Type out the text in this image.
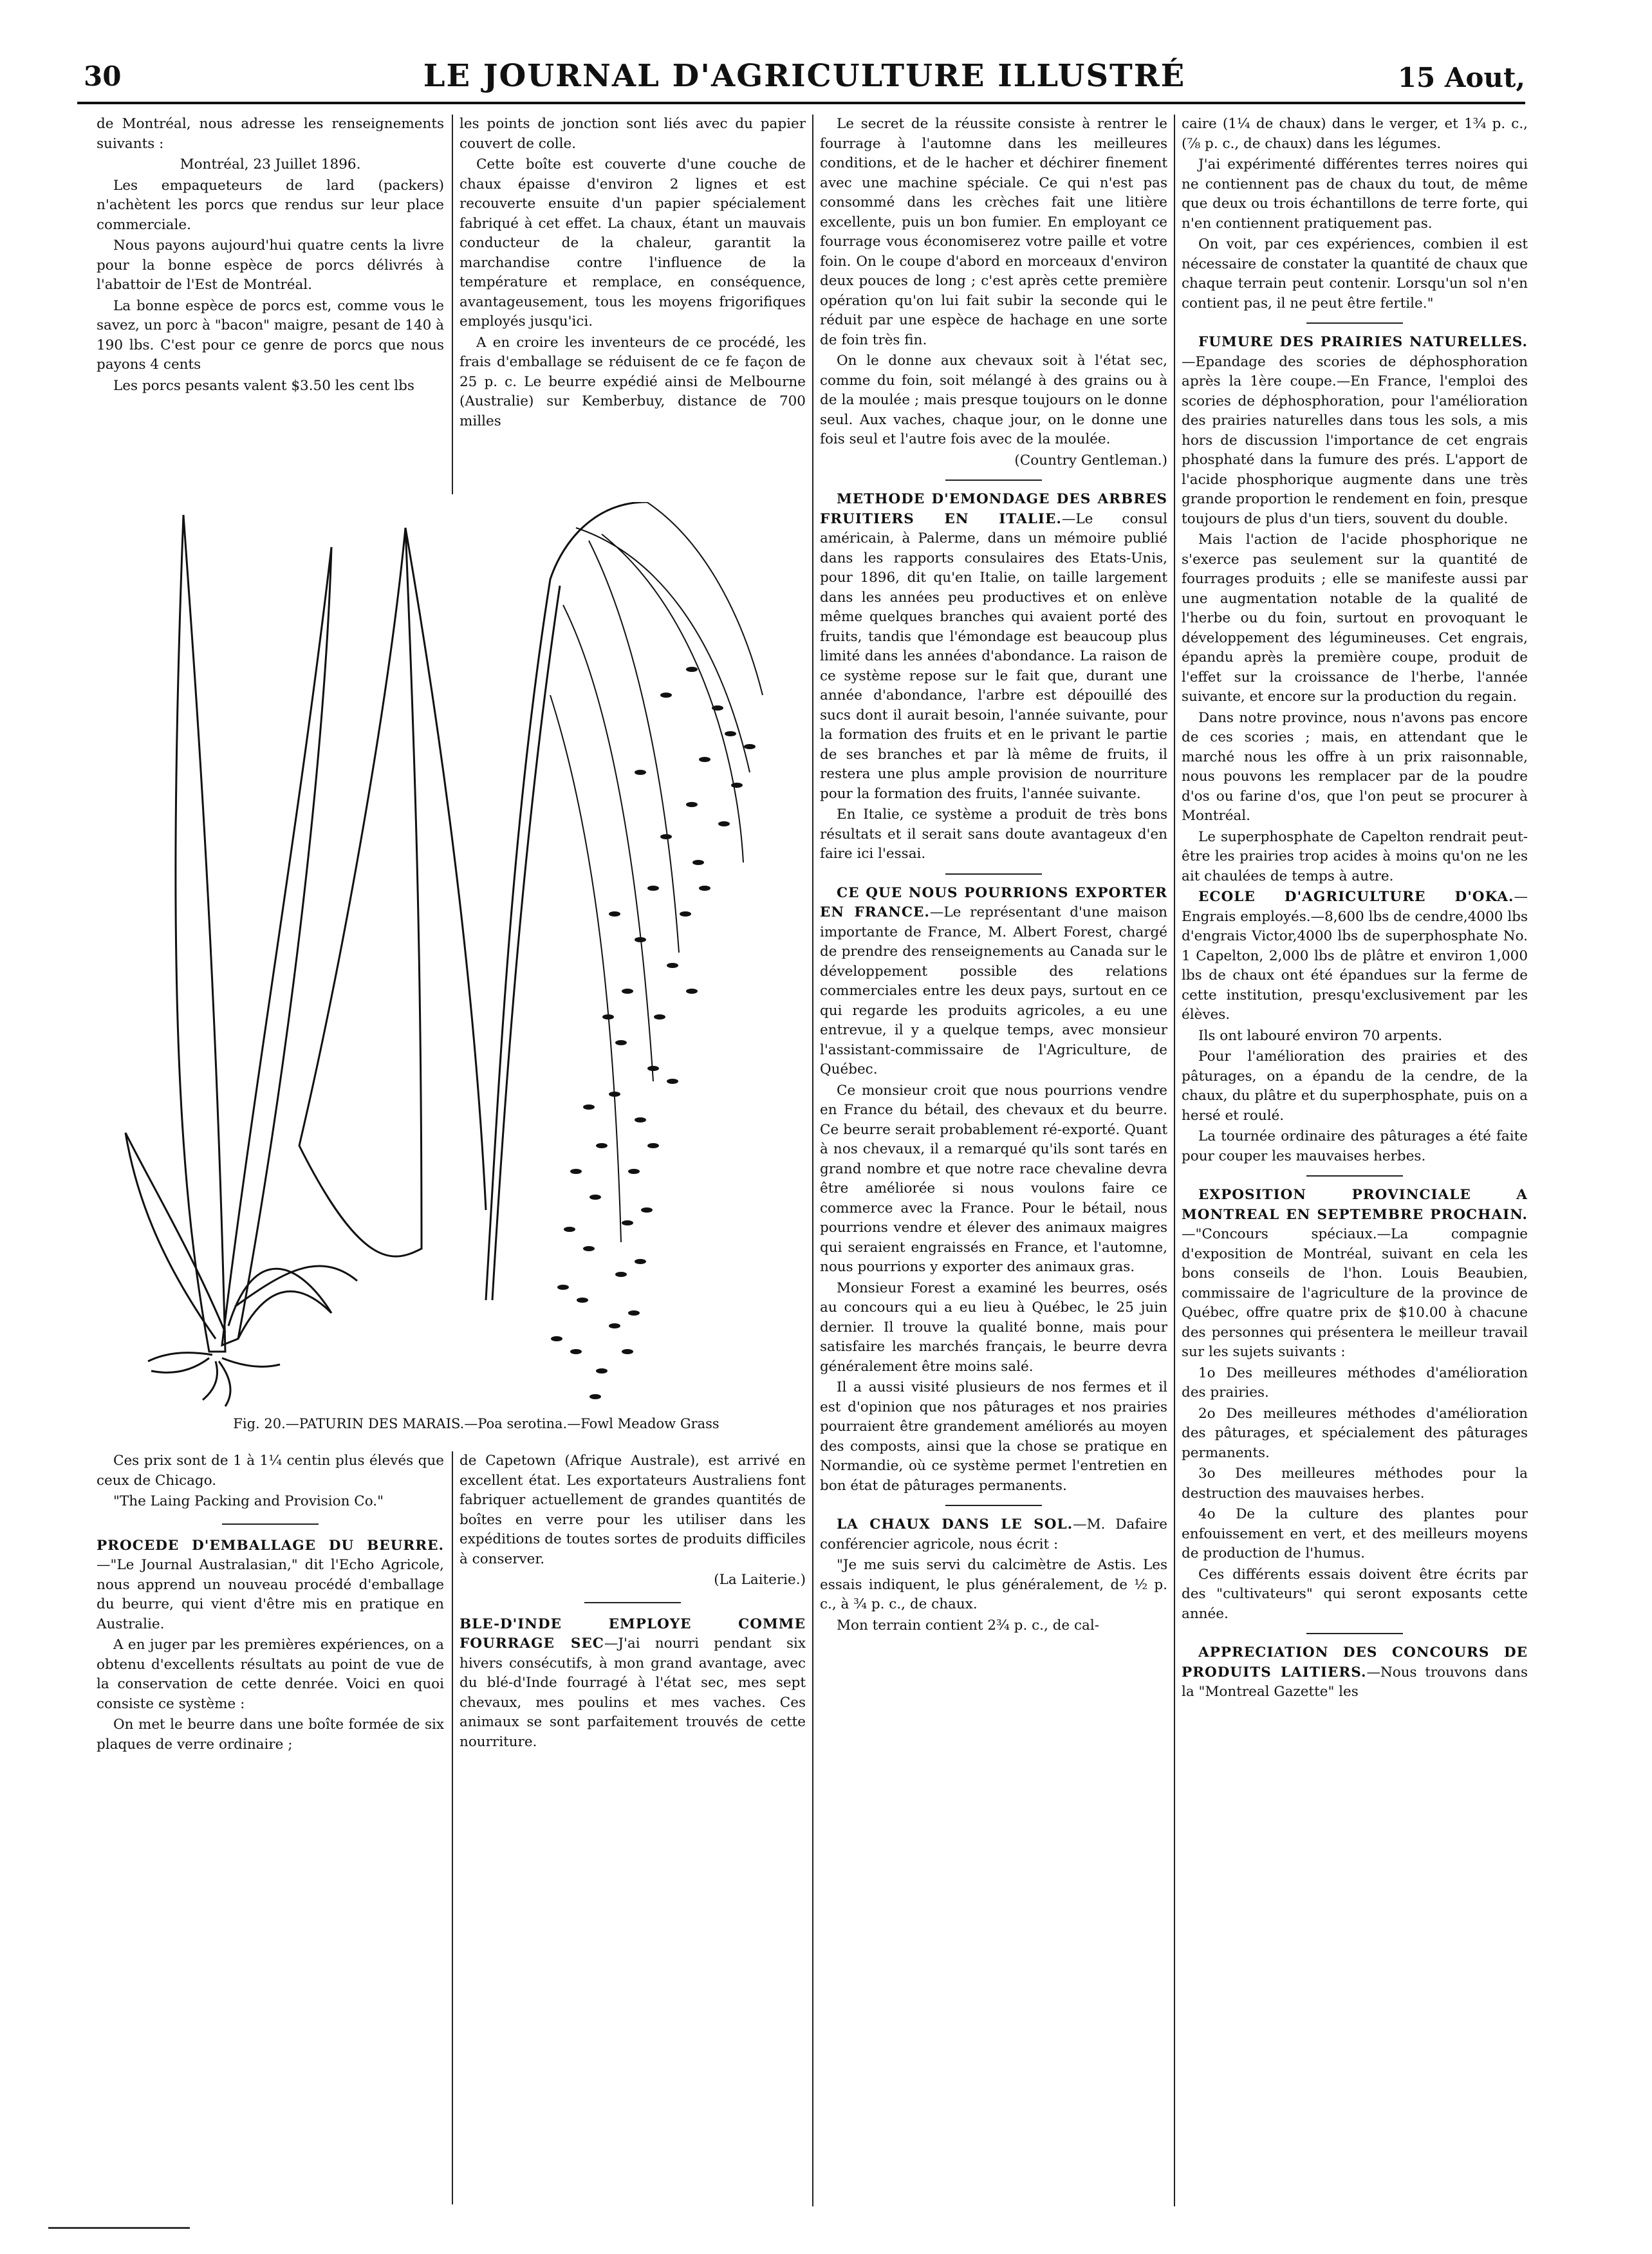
30	LE JOURNAL D'AGRICULTURE ILLUSTRÉ	15 Aout,

de Montréal, nous adresse les renseignements suivants :

Montréal, 23 Juillet 1896.

Les empaqueteurs de lard (packers) n'achètent les porcs que rendus sur leur place commerciale.

Nous payons aujourd'hui quatre cents la livre pour la bonne espèce de porcs délivrés à l'abattoir de l'Est de Montréal.

La bonne espèce de porcs est, comme vous le savez, un porc à "bacon" maigre, pesant de 140 à 190 lbs. C'est pour ce genre de porcs que nous payons 4 cents

Les porcs pesants valent $3.50 les cent lbs

les points de jonction sont liés avec du papier couvert de colle.

Cette boîte est couverte d'une couche de chaux épaisse d'environ 2 lignes et est recouverte ensuite d'un papier spécialement fabriqué à cet effet. La chaux, étant un mauvais conducteur de la chaleur, garantit la marchandise contre l'influence de la température et remplace, en conséquence, avantageusement, tous les moyens frigorifiques employés jusqu'ici.

A en croire les inventeurs de ce procédé, les frais d'emballage se réduisent de ce fe façon de 25 p. c. Le beurre expédié ainsi de Melbourne (Australie) sur Kemberbuy, distance de 700 milles

Fig. 20.—PATURIN DES MARAIS.—Poa serotina.—Fowl Meadow Grass

Ces prix sont de 1 à 1¼ centin plus élevés que ceux de Chicago.

"The Laing Packing and Provision Co."

PROCEDE D'EMBALLAGE DU BEURRE.—"Le Journal Australasian," dit l'Echo Agricole, nous apprend un nouveau procédé d'emballage du beurre, qui vient d'être mis en pratique en Australie.

A en juger par les premières expériences, on a obtenu d'excellents résultats au point de vue de la conservation de cette denrée. Voici en quoi consiste ce système :

On met le beurre dans une boîte formée de six plaques de verre ordinaire ;

de Capetown (Afrique Australe), est arrivé en excellent état. Les exportateurs Australiens font fabriquer actuellement de grandes quantités de boîtes en verre pour les utiliser dans les expéditions de toutes sortes de produits difficiles à conserver.

(La Laiterie.)

BLE-D'INDE EMPLOYE COMME FOURRAGE SEC—J'ai nourri pendant six hivers consécutifs, à mon grand avantage, avec du blé-d'Inde fourragé à l'état sec, mes sept chevaux, mes poulins et mes vaches. Ces animaux se sont parfaitement trouvés de cette nourriture.

Le secret de la réussite consiste à rentrer le fourrage à l'automne dans les meilleures conditions, et de le hacher et déchirer finement avec une machine spéciale. Ce qui n'est pas consommé dans les crèches fait une litière excellente, puis un bon fumier. En employant ce fourrage vous économiserez votre paille et votre foin. On le coupe d'abord en morceaux d'environ deux pouces de long ; c'est après cette première opération qu'on lui fait subir la seconde qui le réduit par une espèce de hachage en une sorte de foin très fin.

On le donne aux chevaux soit à l'état sec, comme du foin, soit mélangé à des grains ou à de la moulée ; mais presque toujours on le donne seul. Aux vaches, chaque jour, on le donne une fois seul et l'autre fois avec de la moulée.

(Country Gentleman.)

METHODE D'EMONDAGE DES ARBRES FRUITIERS EN ITALIE.—Le consul américain, à Palerme, dans un mémoire publié dans les rapports consulaires des Etats-Unis, pour 1896, dit qu'en Italie, on taille largement dans les années peu productives et on enlève même quelques branches qui avaient porté des fruits, tandis que l'émondage est beaucoup plus limité dans les années d'abondance. La raison de ce système repose sur le fait que, durant une année d'abondance, l'arbre est dépouillé des sucs dont il aurait besoin, l'année suivante, pour la formation des fruits et en le privant le partie de ses branches et par là même de fruits, il restera une plus ample provision de nourriture pour la formation des fruits, l'année suivante.

En Italie, ce système a produit de très bons résultats et il serait sans doute avantageux d'en faire ici l'essai.

CE QUE NOUS POURRIONS EXPORTER EN FRANCE.—Le représentant d'une maison importante de France, M. Albert Forest, chargé de prendre des renseignements au Canada sur le développement possible des relations commerciales entre les deux pays, surtout en ce qui regarde les produits agricoles, a eu une entrevue, il y a quelque temps, avec monsieur l'assistant-commissaire de l'Agriculture, de Québec.

Ce monsieur croit que nous pourrions vendre en France du bétail, des chevaux et du beurre. Ce beurre serait probablement ré-exporté. Quant à nos chevaux, il a remarqué qu'ils sont tarés en grand nombre et que notre race chevaline devra être améliorée si nous voulons faire ce commerce avec la France. Pour le bétail, nous pourrions vendre et élever des animaux maigres qui seraient engraissés en France, et l'automne, nous pourrions y exporter des animaux gras.

Monsieur Forest a examiné les beurres, osés au concours qui a eu lieu à Québec, le 25 juin dernier. Il trouve la qualité bonne, mais pour satisfaire les marchés français, le beurre devra généralement être moins salé.

Il a aussi visité plusieurs de nos fermes et il est d'opinion que nos pâturages et nos prairies pourraient être grandement améliorés au moyen des composts, ainsi que la chose se pratique en Normandie, où ce système permet l'entretien en bon état de pâturages permanents.

LA CHAUX DANS LE SOL.—M. Dafaire conférencier agricole, nous écrit :

"Je me suis servi du calcimètre de Astis. Les essais indiquent, le plus généralement, de ½ p. c., à ¾ p. c., de chaux.

Mon terrain contient 2¾ p. c., de cal-

caire (1¼ de chaux) dans le verger, et 1¾ p. c., (⅞ p. c., de chaux) dans les légumes.

J'ai expérimenté différentes terres noires qui ne contiennent pas de chaux du tout, de même que deux ou trois échantillons de terre forte, qui n'en contiennent pratiquement pas.

On voit, par ces expériences, combien il est nécessaire de constater la quantité de chaux que chaque terrain peut contenir. Lorsqu'un sol n'en contient pas, il ne peut être fertile."

FUMURE DES PRAIRIES NATURELLES.—Epandage des scories de déphosphoration après la 1ère coupe.—En France, l'emploi des scories de déphosphoration, pour l'amélioration des prairies naturelles dans tous les sols, a mis hors de discussion l'importance de cet engrais phosphaté dans la fumure des prés. L'apport de l'acide phosphorique augmente dans une très grande proportion le rendement en foin, presque toujours de plus d'un tiers, souvent du double.

Mais l'action de l'acide phosphorique ne s'exerce pas seulement sur la quantité de fourrages produits ; elle se manifeste aussi par une augmentation notable de la qualité de l'herbe ou du foin, surtout en provoquant le développement des légumineuses. Cet engrais, épandu après la première coupe, produit de l'effet sur la croissance de l'herbe, l'année suivante, et encore sur la production du regain.

Dans notre province, nous n'avons pas encore de ces scories ; mais, en attendant que le marché nous les offre à un prix raisonnable, nous pouvons les remplacer par de la poudre d'os ou farine d'os, que l'on peut se procurer à Montréal.

Le superphosphate de Capelton rendrait peut-être les prairies trop acides à moins qu'on ne les ait chaulées de temps à autre.

ECOLE D'AGRICULTURE D'OKA.—Engrais employés.—8,600 lbs de cendre,4000 lbs d'engrais Victor,4000 lbs de superphosphate No. 1 Capelton, 2,000 lbs de plâtre et environ 1,000 lbs de chaux ont été épandues sur la ferme de cette institution, presqu'exclusivement par les élèves.

Ils ont labouré environ 70 arpents.

Pour l'amélioration des prairies et des pâturages, on a épandu de la cendre, de la chaux, du plâtre et du superphosphate, puis on a hersé et roulé.

La tournée ordinaire des pâturages a été faite pour couper les mauvaises herbes.

EXPOSITION PROVINCIALE A MONTREAL EN SEPTEMBRE PROCHAIN.—"Concours spéciaux.—La compagnie d'exposition de Montréal, suivant en cela les bons conseils de l'hon. Louis Beaubien, commissaire de l'agriculture de la province de Québec, offre quatre prix de $10.00 à chacune des personnes qui présentera le meilleur travail sur les sujets suivants :

1o Des meilleures méthodes d'amélioration des prairies.

2o Des meilleures méthodes d'amélioration des pâturages, et spécialement des pâturages permanents.

3o Des meilleures méthodes pour la destruction des mauvaises herbes.

4o De la culture des plantes pour enfouissement en vert, et des meilleurs moyens de production de l'humus.

Ces différents essais doivent être écrits par des "cultivateurs" qui seront exposants cette année.

APPRECIATION DES CONCOURS DE PRODUITS LAITIERS.—Nous trouvons dans la "Montreal Gazette" les
